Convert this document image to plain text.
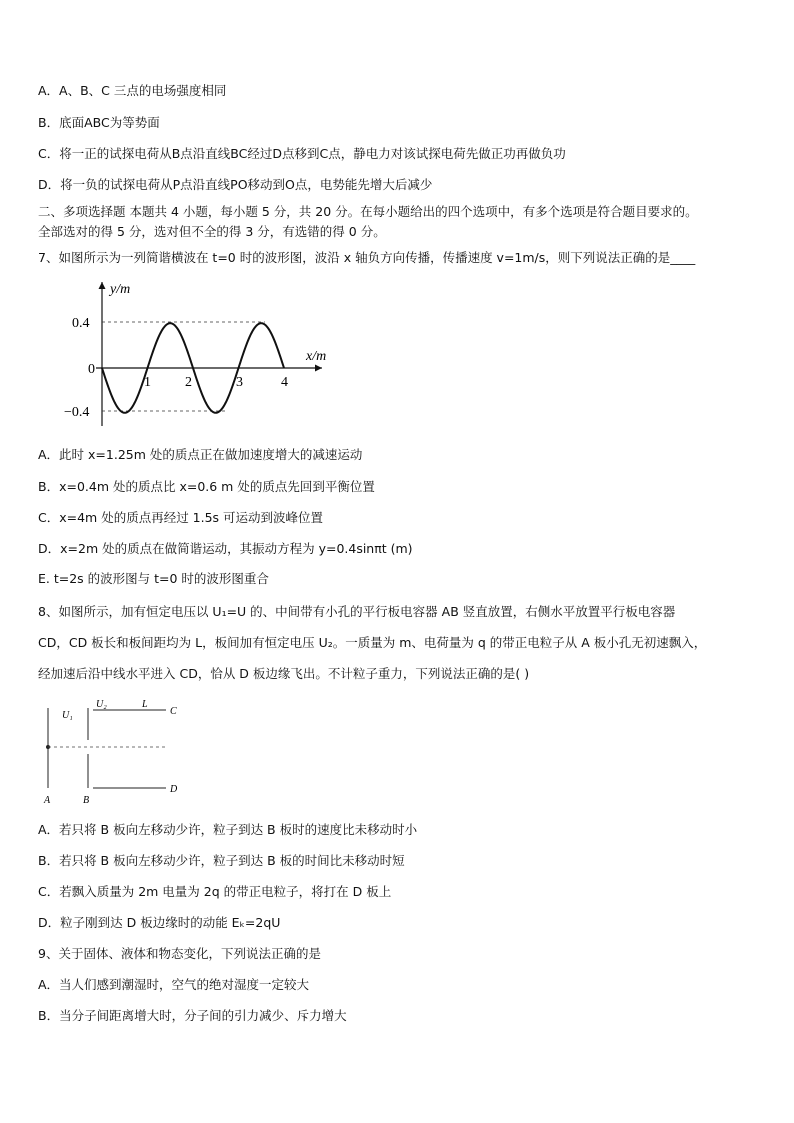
A．A、B、C 三点的电场强度相同
B．底面ABC为等势面
C．将一正的试探电荷从B点沿直线BC经过D点移到C点，静电力对该试探电荷先做正功再做负功
D．将一负的试探电荷从P点沿直线PO移动到O点，电势能先增大后减少
二、多项选择题 本题共 4 小题，每小题 5 分，共 20 分。在每小题给出的四个选项中，有多个选项是符合题目要求的。
全部选对的得 5 分，选对但不全的得 3 分，有选错的得 0 分。
7、如图所示为一列简谐横波在 t=0 时的波形图，波沿 x 轴负方向传播，传播速度 v=1m/s，则下列说法正确的是____
y/m
x/m
0.4
0
−0.4
1 2	3	4
A．此时 x=1.25m 处的质点正在做加速度增大的减速运动
B．x=0.4m 处的质点比 x=0.6 m 处的质点先回到平衡位置
C．x=4m 处的质点再经过 1.5s 可运动到波峰位置
D．x=2m 处的质点在做简谐运动，其振动方程为 y=0.4sinπt (m)
E. t=2s 的波形图与 t=0 时的波形图重合
8、如图所示，加有恒定电压以 U₁=U 的、中间带有小孔的平行板电容器 AB 竖直放置，右侧水平放置平行板电容器
CD，CD 板长和板间距均为 L，板间加有恒定电压 U₂。一质量为 m、电荷量为 q 的带正电粒子从 A 板小孔无初速飘入，
经加速后沿中线水平进入 CD，恰从 D 板边缘飞出。不计粒子重力，下列说法正确的是( )
U₁
U₂	L
C
D
A	B
A．若只将 B 板向左移动少许，粒子到达 B 板时的速度比未移动时小
B．若只将 B 板向左移动少许，粒子到达 B 板的时间比未移动时短
C．若飘入质量为 2m 电量为 2q 的带正电粒子，将打在 D 板上
D．粒子刚到达 D 板边缘时的动能 Eₖ=2qU
9、关于固体、液体和物态变化，下列说法正确的是
A．当人们感到潮湿时，空气的绝对湿度一定较大
B．当分子间距离增大时，分子间的引力减少、斥力增大
